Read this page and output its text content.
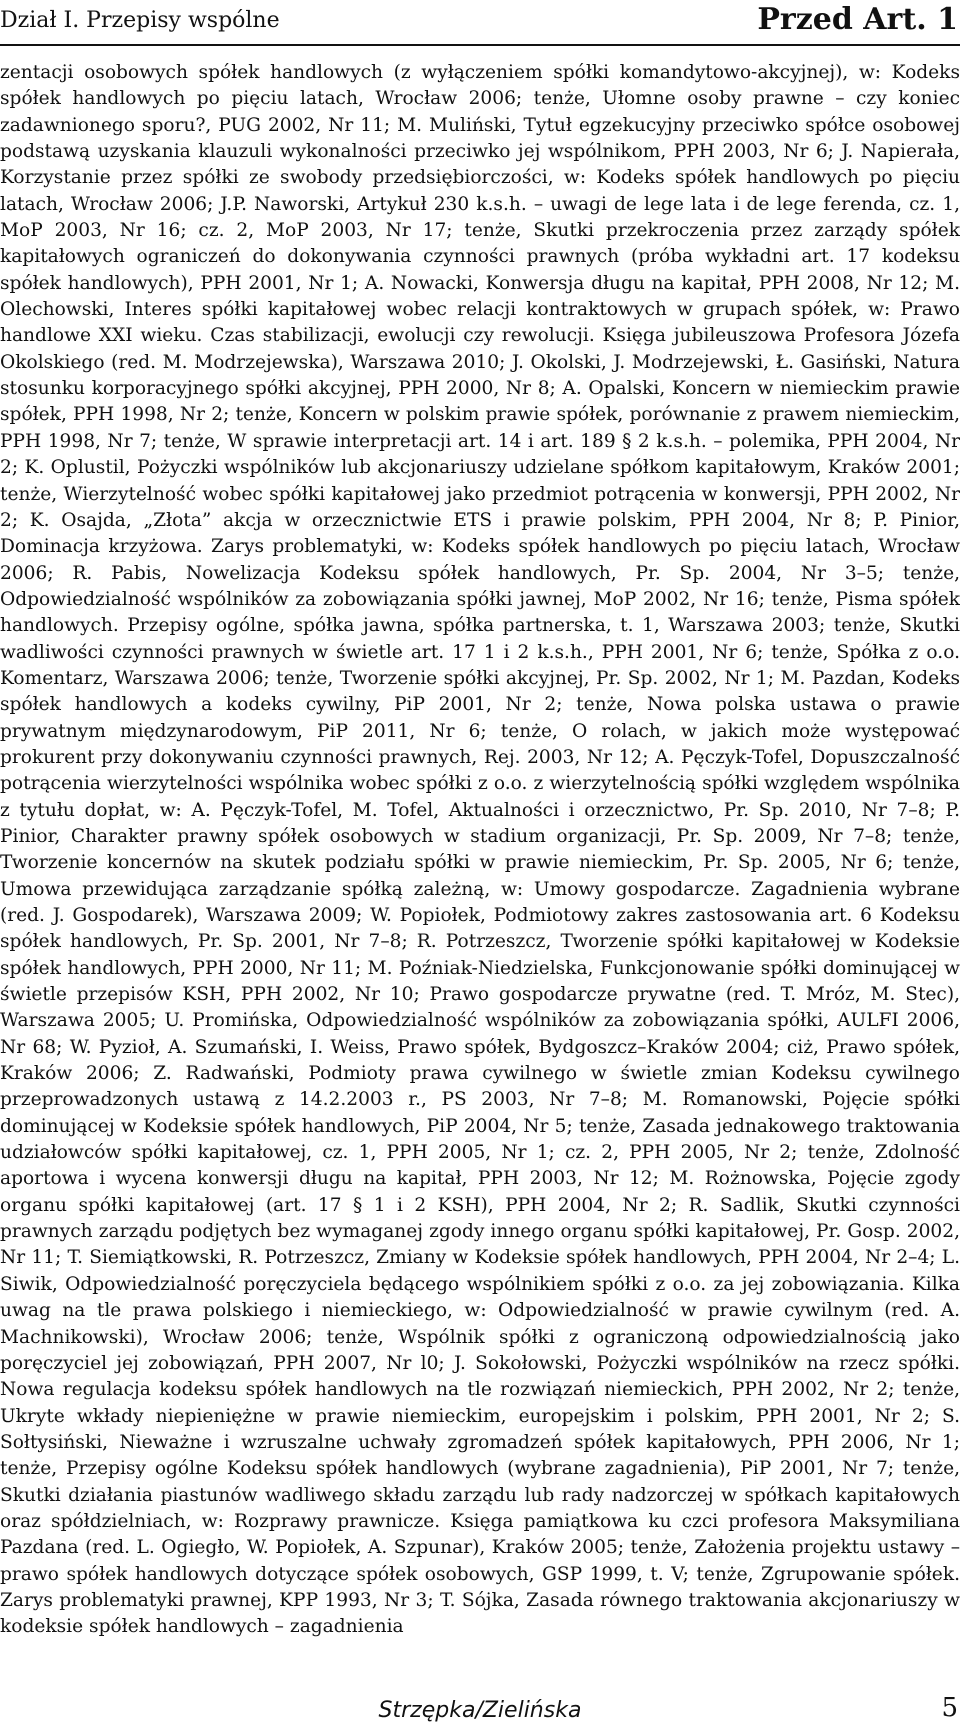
Dział I. Przepisy wspólne	Przed Art. 1

zentacji osobowych spółek handlowych (z wyłączeniem spółki komandytowo-akcyjnej), w: Kodeks spółek handlowych po pięciu latach, Wrocław 2006; tenże, Ułomne osoby prawne – czy koniec zadawnionego sporu?, PUG 2002, Nr 11; M. Muliński, Tytuł egzekucyjny przeciwko spółce osobowej podstawą uzyskania klauzuli wykonalności przeciwko jej wspólnikom, PPH 2003, Nr 6; J. Napierała, Korzystanie przez spółki ze swobody przedsiębiorczości, w: Kodeks spółek handlowych po pięciu latach, Wrocław 2006; J.P. Naworski, Artykuł 230 k.s.h. – uwagi de lege lata i de lege ferenda, cz. 1, MoP 2003, Nr 16; cz. 2, MoP 2003, Nr 17; tenże, Skutki przekroczenia przez zarządy spółek kapitałowych ograniczeń do dokonywania czynności prawnych (próba wykładni art. 17 kodeksu spółek handlowych), PPH 2001, Nr 1; A. Nowacki, Konwersja długu na kapitał, PPH 2008, Nr 12; M. Olechowski, Interes spółki kapitałowej wobec relacji kontraktowych w grupach spółek, w: Prawo handlowe XXI wieku. Czas stabilizacji, ewolucji czy rewolucji. Księga jubileuszowa Profesora Józefa Okolskiego (red. M. Modrzejewska), Warszawa 2010; J. Okolski, J. Modrzejewski, Ł. Gasiński, Natura stosunku korporacyjnego spółki akcyjnej, PPH 2000, Nr 8; A. Opalski, Koncern w niemieckim prawie spółek, PPH 1998, Nr 2; tenże, Koncern w polskim prawie spółek, porównanie z prawem niemieckim, PPH 1998, Nr 7; tenże, W sprawie interpretacji art. 14 i art. 189 § 2 k.s.h. – polemika, PPH 2004, Nr 2; K. Oplustil, Pożyczki wspólników lub akcjonariuszy udzielane spółkom kapitałowym, Kraków 2001; tenże, Wierzytelność wobec spółki kapitałowej jako przedmiot potrącenia w konwersji, PPH 2002, Nr 2; K. Osajda, „Złota” akcja w orzecznictwie ETS i prawie polskim, PPH 2004, Nr 8; P. Pinior, Dominacja krzyżowa. Zarys problematyki, w: Kodeks spółek handlowych po pięciu latach, Wrocław 2006; R. Pabis, Nowelizacja Kodeksu spółek handlowych, Pr. Sp. 2004, Nr 3–5; tenże, Odpowiedzialność wspólników za zobowiązania spółki jawnej, MoP 2002, Nr 16; tenże, Pisma spółek handlowych. Przepisy ogólne, spółka jawna, spółka partnerska, t. 1, Warszawa 2003; tenże, Skutki wadliwości czynności prawnych w świetle art. 17 1 i 2 k.s.h., PPH 2001, Nr 6; tenże, Spółka z o.o. Komentarz, Warszawa 2006; tenże, Tworzenie spółki akcyjnej, Pr. Sp. 2002, Nr 1; M. Pazdan, Kodeks spółek handlowych a kodeks cywilny, PiP 2001, Nr 2; tenże, Nowa polska ustawa o prawie prywatnym międzynarodowym, PiP 2011, Nr 6; tenże, O rolach, w jakich może występować prokurent przy dokonywaniu czynności prawnych, Rej. 2003, Nr 12; A. Pęczyk-Tofel, Dopuszczalność potrącenia wierzytelności wspólnika wobec spółki z o.o. z wierzytelnością spółki względem wspólnika z tytułu dopłat, w: A. Pęczyk-Tofel, M. Tofel, Aktualności i orzecznictwo, Pr. Sp. 2010, Nr 7–8; P. Pinior, Charakter prawny spółek osobowych w stadium organizacji, Pr. Sp. 2009, Nr 7–8; tenże, Tworzenie koncernów na skutek podziału spółki w prawie niemieckim, Pr. Sp. 2005, Nr 6; tenże, Umowa przewidująca zarządzanie spółką zależną, w: Umowy gospodarcze. Zagadnienia wybrane (red. J. Gospodarek), Warszawa 2009; W. Popiołek, Podmiotowy zakres zastosowania art. 6 Kodeksu spółek handlowych, Pr. Sp. 2001, Nr 7–8; R. Potrzeszcz, Tworzenie spółki kapitałowej w Kodeksie spółek handlowych, PPH 2000, Nr 11; M. Poźniak-Niedzielska, Funkcjonowanie spółki dominującej w świetle przepisów KSH, PPH 2002, Nr 10; Prawo gospodarcze prywatne (red. T. Mróz, M. Stec), Warszawa 2005; U. Promińska, Odpowiedzialność wspólników za zobowiązania spółki, AULFI 2006, Nr 68; W. Pyzioł, A. Szumański, I. Weiss, Prawo spółek, Bydgoszcz–Kraków 2004; ciż, Prawo spółek, Kraków 2006; Z. Radwański, Podmioty prawa cywilnego w świetle zmian Kodeksu cywilnego przeprowadzonych ustawą z 14.2.2003 r., PS 2003, Nr 7–8; M. Romanowski, Pojęcie spółki dominującej w Kodeksie spółek handlowych, PiP 2004, Nr 5; tenże, Zasada jednakowego traktowania udziałowców spółki kapitałowej, cz. 1, PPH 2005, Nr 1; cz. 2, PPH 2005, Nr 2; tenże, Zdolność aportowa i wycena konwersji długu na kapitał, PPH 2003, Nr 12; M. Rożnowska, Pojęcie zgody organu spółki kapitałowej (art. 17 § 1 i 2 KSH), PPH 2004, Nr 2; R. Sadlik, Skutki czynności prawnych zarządu podjętych bez wymaganej zgody innego organu spółki kapitałowej, Pr. Gosp. 2002, Nr 11; T. Siemiątkowski, R. Potrzeszcz, Zmiany w Kodeksie spółek handlowych, PPH 2004, Nr 2–4; L. Siwik, Odpowiedzialność poręczyciela będącego wspólnikiem spółki z o.o. za jej zobowiązania. Kilka uwag na tle prawa polskiego i niemieckiego, w: Odpowiedzialność w prawie cywilnym (red. A. Machnikowski), Wrocław 2006; tenże, Wspólnik spółki z ograniczoną odpowiedzialnością jako poręczyciel jej zobowiązań, PPH 2007, Nr l0; J. Sokołowski, Pożyczki wspólników na rzecz spółki. Nowa regulacja kodeksu spółek handlowych na tle rozwiązań niemieckich, PPH 2002, Nr 2; tenże, Ukryte wkłady niepieniężne w prawie niemieckim, europejskim i polskim, PPH 2001, Nr 2; S. Sołtysiński, Nieważne i wzruszalne uchwały zgromadzeń spółek kapitałowych, PPH 2006, Nr 1; tenże, Przepisy ogólne Kodeksu spółek handlowych (wybrane zagadnienia), PiP 2001, Nr 7; tenże, Skutki działania piastunów wadliwego składu zarządu lub rady nadzorczej w spółkach kapitałowych oraz spółdzielniach, w: Rozprawy prawnicze. Księga pamiątkowa ku czci profesora Maksymiliana Pazdana (red. L. Ogiegło, W. Popiołek, A. Szpunar), Kraków 2005; tenże, Założenia projektu ustawy – prawo spółek handlowych dotyczące spółek osobowych, GSP 1999, t. V; tenże, Zgrupowanie spółek. Zarys problematyki prawnej, KPP 1993, Nr 3; T. Sójka, Zasada równego traktowania akcjonariuszy w kodeksie spółek handlowych – zagadnienia

Strzępka/Zielińska	5
